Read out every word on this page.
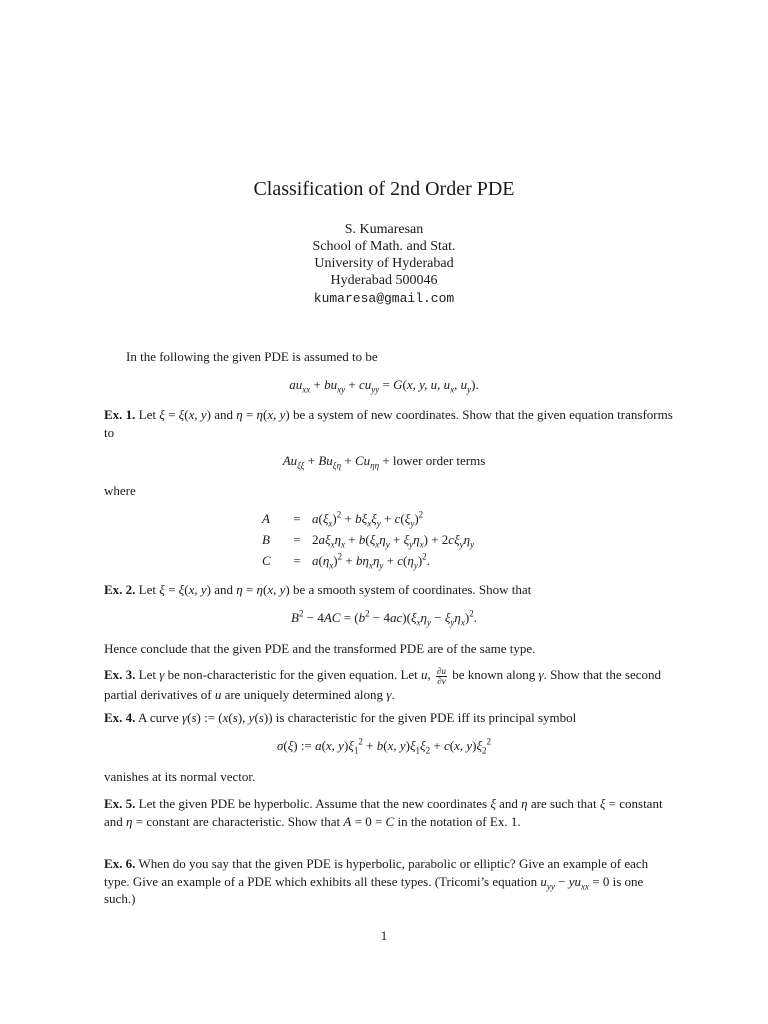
Classification of 2nd Order PDE
S. Kumaresan
School of Math. and Stat.
University of Hyderabad
Hyderabad 500046
kumaresa@gmail.com
In the following the given PDE is assumed to be
$au_{xx} + bu_{xy} + cu_{yy} = G(x$, y, u, $u_x$, $u_y$).
Ex. 1. Let ξ = ξ(x, y) and η = η(x, y) be a system of new coordinates. Show that the given equation transforms to
$Au_{\xi\xi} + Bu_{\xi\eta} + Cu_{\eta\eta}$ + lower order terms
where
A	=	$a(\xi_x)^2 + b\xi_x\xi_y + c(\xi_y)^2$
B	=	$2a\xi_x\eta_x + b(\xi_x\eta_y + \xi_y\eta_x) + 2c\xi_y\eta_y$
C	=	$a(\eta_x)^2 + b\eta_x\eta_y + c(\eta_y)^2$.
Ex. 2. Let ξ = ξ(x, y) and η = η(x, y) be a smooth system of coordinates. Show that
$B^2 - 4AC = (b^2 - 4ac)(\xi_x\eta_y - \xi_y\eta_x)^2$.
Hence conclude that the given PDE and the transformed PDE are of the same type.
Ex. 3. Let γ be non-characteristic for the given equation. Let u, $\frac{\partial u}{\partial\nu}$ be known along γ. Show that the second partial derivatives of u are uniquely determined along γ.
Ex. 4. A curve γ(s) := (x(s), y(s)) is characteristic for the given PDE iff its principal symbol
σ(ξ) := a(x, $y)\xi_1^2 + b(x$, $y)\xi_1\xi_2 + c(x$, $y)\xi_2^2$
vanishes at its normal vector.
Ex. 5. Let the given PDE be hyperbolic. Assume that the new coordinates ξ and η are such that ξ = constant and η = constant are characteristic. Show that A = 0 = C in the notation of Ex. 1.
Ex. 6. When do you say that the given PDE is hyperbolic, parabolic or elliptic? Give an example of each type. Give an example of a PDE which exhibits all these types. (Tricomi’s equation $u_{yy} - yu_{xx} = 0$ is one such.)
1
